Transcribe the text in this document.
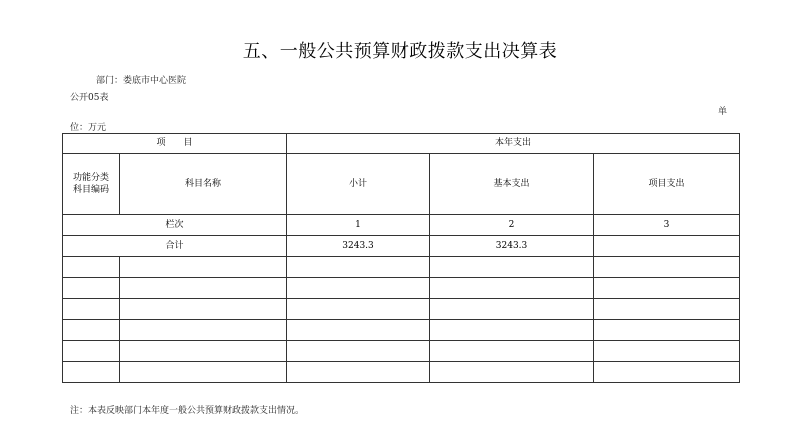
五、一般公共预算财政拨款支出决算表
部门：娄底市中心医院
公开05表
单
位：万元
项　　目		本年支出		
功能分类
科目编码	科目名称	小计	基本支出	项目支出
栏次		1	2	3
合计		3243.3	3243.3	

注：本表反映部门本年度一般公共预算财政拨款支出情况。
